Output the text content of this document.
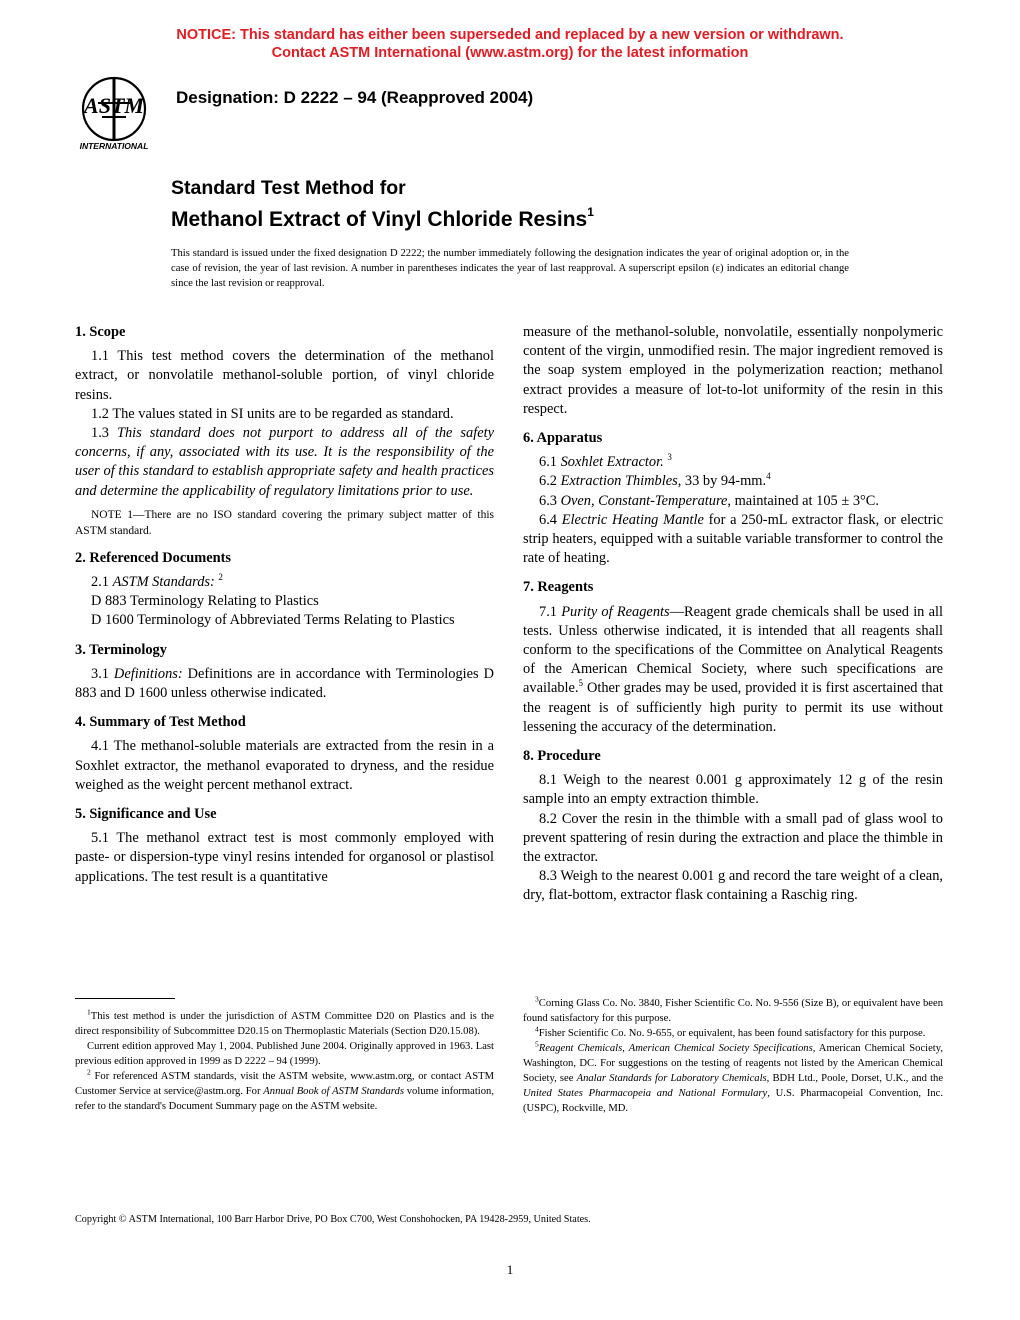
NOTICE: This standard has either been superseded and replaced by a new version or withdrawn.
Contact ASTM International (www.astm.org) for the latest information
ASTM
INTERNATIONAL
Designation: D 2222 – 94 (Reapproved 2004)
Standard Test Method for
Methanol Extract of Vinyl Chloride Resins$^1$
This standard is issued under the fixed designation D 2222; the number immediately following the designation indicates the year of original adoption or, in the case of revision, the year of last revision. A number in parentheses indicates the year of last reapproval. A superscript epsilon (ε) indicates an editorial change since the last revision or reapproval.

1. Scope

1.1 This test method covers the determination of the methanol extract, or nonvolatile methanol-soluble portion, of vinyl chloride resins.

1.2 The values stated in SI units are to be regarded as standard.

1.3 This standard does not purport to address all of the safety concerns, if any, associated with its use. It is the responsibility of the user of this standard to establish appropriate safety and health practices and determine the applicability of regulatory limitations prior to use.

NOTE 1—There are no ISO standard covering the primary subject matter of this ASTM standard.

2. Referenced Documents

2.1 ASTM Standards: $^2$

D 883 Terminology Relating to Plastics

D 1600 Terminology of Abbreviated Terms Relating to Plastics

3. Terminology

3.1 Definitions: Definitions are in accordance with Terminologies D 883 and D 1600 unless otherwise indicated.

4. Summary of Test Method

4.1 The methanol-soluble materials are extracted from the resin in a Soxhlet extractor, the methanol evaporated to dryness, and the residue weighed as the weight percent methanol extract.

5. Significance and Use

5.1 The methanol extract test is most commonly employed with paste- or dispersion-type vinyl resins intended for organosol or plastisol applications. The test result is a quantitative

measure of the methanol-soluble, nonvolatile, essentially nonpolymeric content of the virgin, unmodified resin. The major ingredient removed is the soap system employed in the polymerization reaction; methanol extract provides a measure of lot-to-lot uniformity of the resin in this respect.

6. Apparatus

6.1 Soxhlet Extractor. $^3$

6.2 Extraction Thimbles, 33 by 94-mm.$^4$

6.3 Oven, Constant-Temperature, maintained at 105 ± 3°C.

6.4 Electric Heating Mantle for a 250-mL extractor flask, or electric strip heaters, equipped with a suitable variable transformer to control the rate of heating.

7. Reagents

7.1 Purity of Reagents—Reagent grade chemicals shall be used in all tests. Unless otherwise indicated, it is intended that all reagents shall conform to the specifications of the Committee on Analytical Reagents of the American Chemical Society, where such specifications are available.$^5$ Other grades may be used, provided it is first ascertained that the reagent is of sufficiently high purity to permit its use without lessening the accuracy of the determination.

8. Procedure

8.1 Weigh to the nearest 0.001 g approximately 12 g of the resin sample into an empty extraction thimble.

8.2 Cover the resin in the thimble with a small pad of glass wool to prevent spattering of resin during the extraction and place the thimble in the extractor.

8.3 Weigh to the nearest 0.001 g and record the tare weight of a clean, dry, flat-bottom, extractor flask containing a Raschig ring.

$^1$This test method is under the jurisdiction of ASTM Committee D20 on Plastics and is the direct responsibility of Subcommittee D20.15 on Thermoplastic Materials (Section D20.15.08).

Current edition approved May 1, 2004. Published June 2004. Originally approved in 1963. Last previous edition approved in 1999 as D 2222 – 94 (1999).

$^2$ For referenced ASTM standards, visit the ASTM website, www.astm.org, or contact ASTM Customer Service at service@astm.org. For Annual Book of ASTM Standards volume information, refer to the standard's Document Summary page on the ASTM website.

$^3$Corning Glass Co. No. 3840, Fisher Scientific Co. No. 9-556 (Size B), or equivalent have been found satisfactory for this purpose.

$^4$Fisher Scientific Co. No. 9-655, or equivalent, has been found satisfactory for this purpose.

$^5$Reagent Chemicals, American Chemical Society Specifications, American Chemical Society, Washington, DC. For suggestions on the testing of reagents not listed by the American Chemical Society, see Analar Standards for Laboratory Chemicals, BDH Ltd., Poole, Dorset, U.K., and the United States Pharmacopeia and National Formulary, U.S. Pharmacopeial Convention, Inc. (USPC), Rockville, MD.

Copyright © ASTM International, 100 Barr Harbor Drive, PO Box C700, West Conshohocken, PA 19428-2959, United States.
1
